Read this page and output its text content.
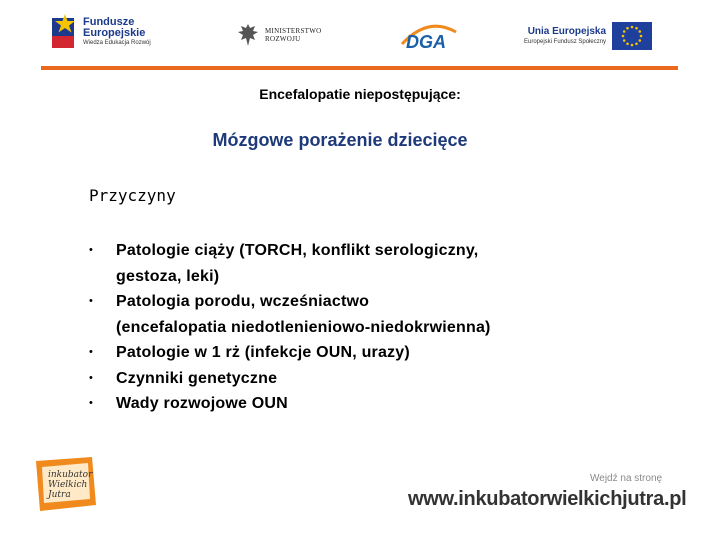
Fundusze
Europejskie
Wiedza Edukacja Rozwój
MINISTERSTWO
ROZWOJU	DGA
Unia Europejska
Europejski Fundusz Społeczny
Encefalopatie niepostępujące:
Mózgowe porażenie dziecięce
Przyczyny
• Patologie ciąży (TORCH, konflikt serologiczny,
gestoza, leki)
• Patologia porodu, wcześniactwo
(encefalopatia niedotlenieniowo-niedokrwienna)
• Patologie w 1 rż (infekcje OUN, urazy)
• Czynniki genetyczne
• Wady rozwojowe OUN
inkubator
Wielkich
Jutra
Wejdź na stronę
www.inkubatorwielkichjutra.pl
